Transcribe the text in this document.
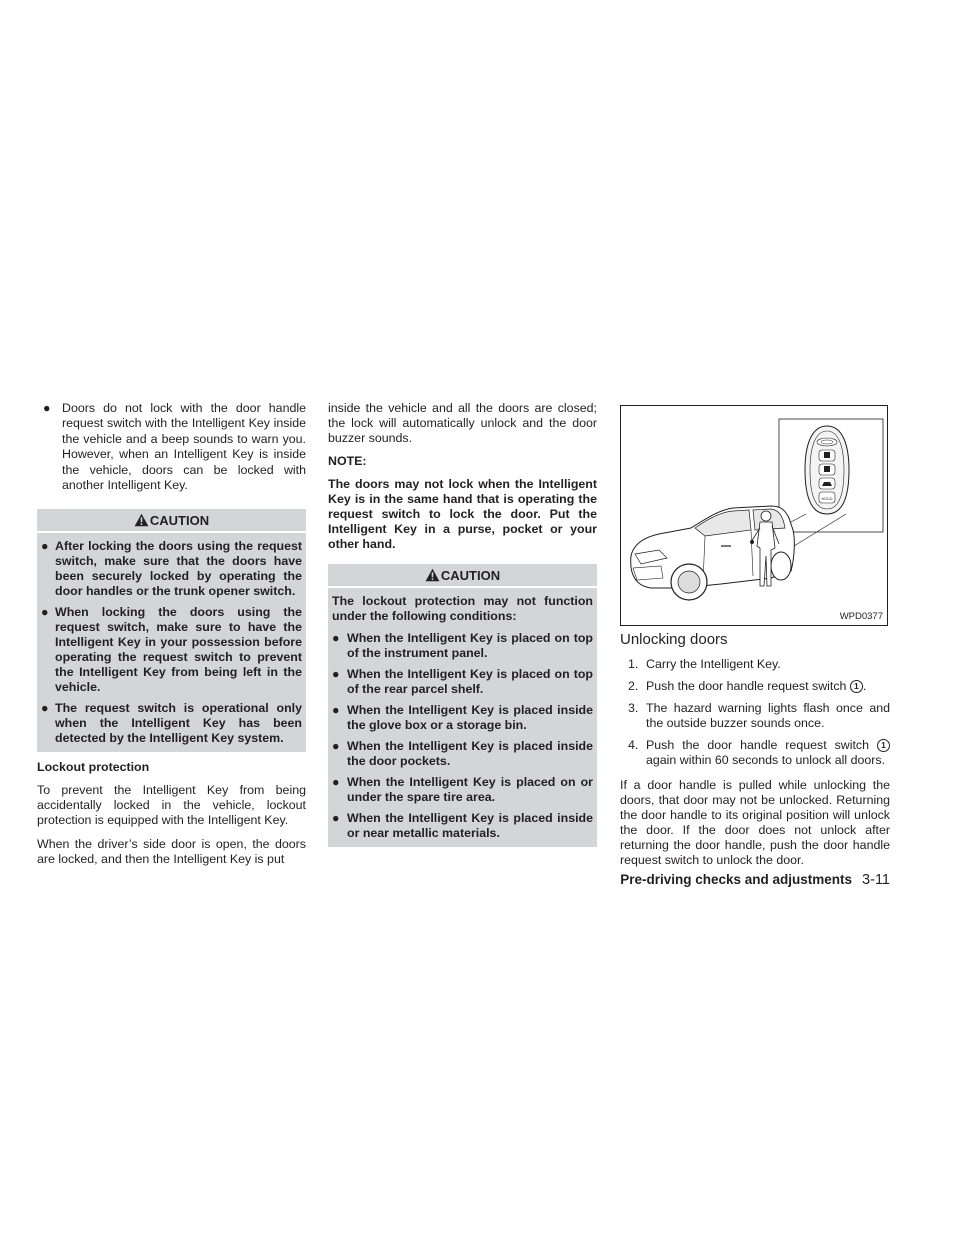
● Doors do not lock with the door handle request switch with the Intelligent Key inside the vehicle and a beep sounds to warn you. However, when an Intelligent Key is inside the vehicle, doors can be locked with another Intelligent Key.
CAUTION
● After locking the doors using the request switch, make sure that the doors have been securely locked by operating the door handles or the trunk opener switch.
● When locking the doors using the request switch, make sure to have the Intelligent Key in your possession before operating the request switch to prevent the Intelligent Key from being left in the vehicle.
● The request switch is operational only when the Intelligent Key has been detected by the Intelligent Key system.
Lockout protection

To prevent the Intelligent Key from being accidentally locked in the vehicle, lockout protection is equipped with the Intelligent Key.

When the driver’s side door is open, the doors are locked, and then the Intelligent Key is put

inside the vehicle and all the doors are closed; the lock will automatically unlock and the door buzzer sounds.

NOTE:

The doors may not lock when the Intelligent Key is in the same hand that is operating the request switch to lock the door. Put the Intelligent Key in a purse, pocket or your other hand.

CAUTION
The lockout protection may not function under the following conditions:
● When the Intelligent Key is placed on top of the instrument panel.
● When the Intelligent Key is placed on top of the rear parcel shelf.
● When the Intelligent Key is placed inside the glove box or a storage bin.
● When the Intelligent Key is placed inside the door pockets.
● When the Intelligent Key is placed on or under the spare tire area.
● When the Intelligent Key is placed inside or near metallic materials.
HOLD
WPD0377
Unlocking doors
1. Carry the Intelligent Key.
2. Push the door handle request switch 1 .
3. The hazard warning lights flash once and the outside buzzer sounds once.
4. Push the door handle request switch 1 again within 60 seconds to unlock all doors.

If a door handle is pulled while unlocking the doors, that door may not be unlocked. Returning the door handle to its original position will unlock the door. If the door does not unlock after returning the door handle, push the door handle request switch to unlock the door.

Pre-driving checks and adjustments 3-11
